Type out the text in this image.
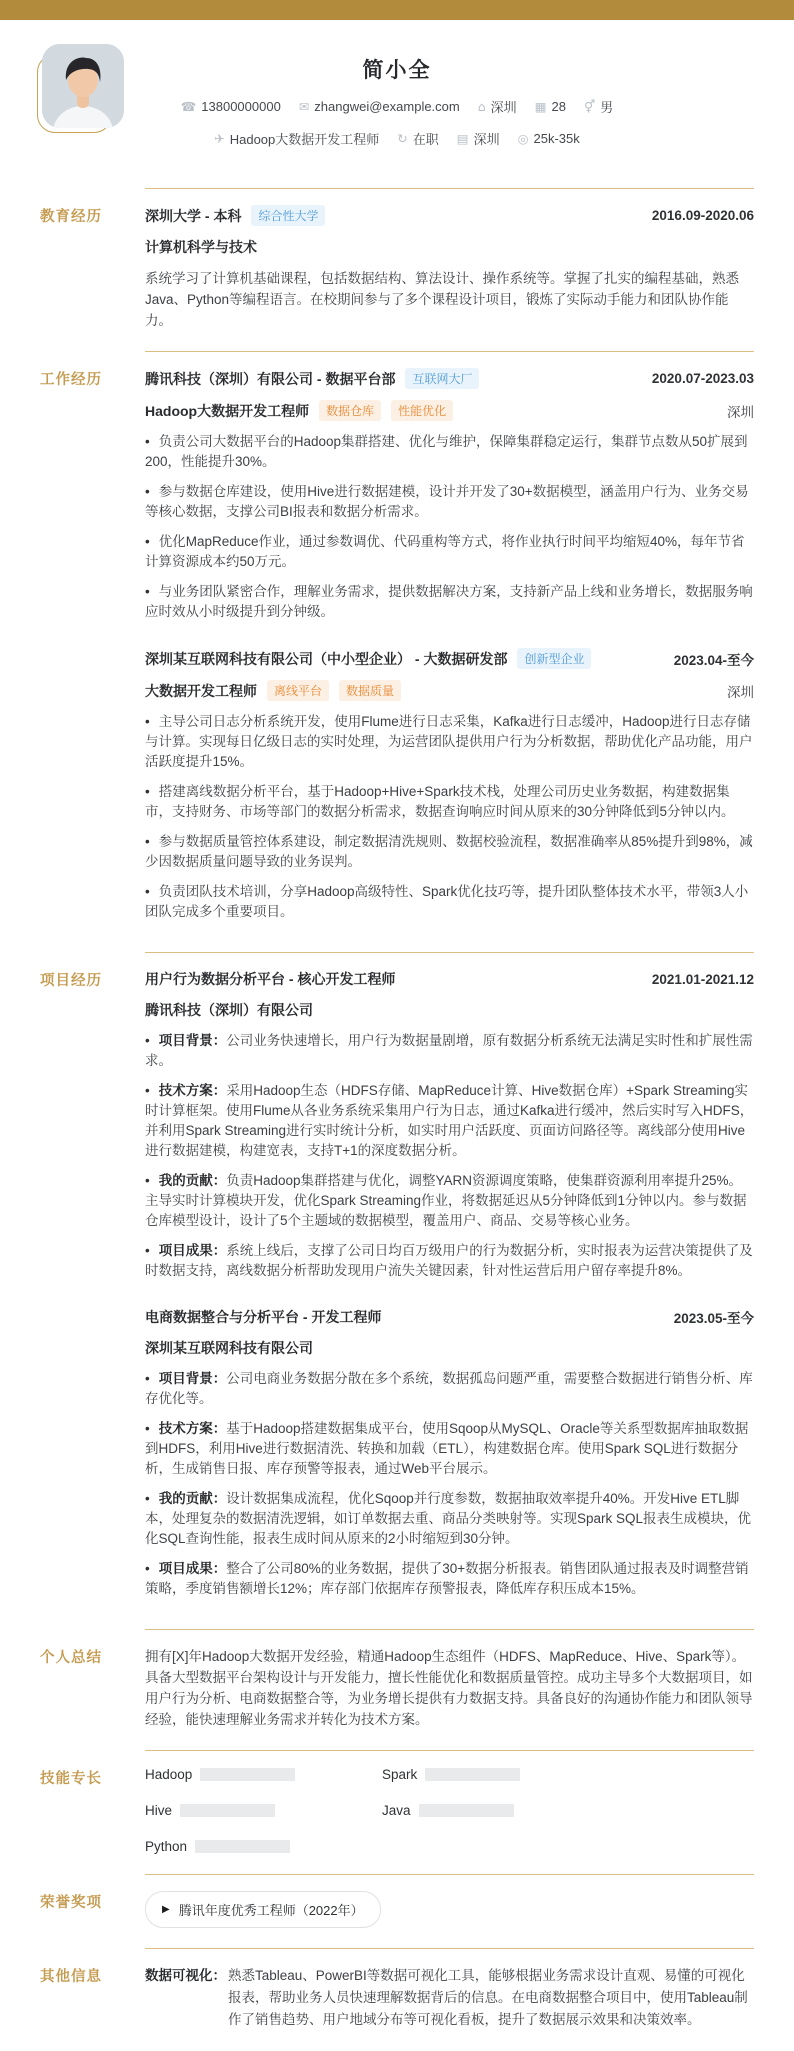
简小全
☎ 13800000000 ✉ zhangwei@example.com ⌂ 深圳 ▦ 28 ⚥ 男
✈ Hadoop大数据开发工程师 ↻ 在职 ▤ 深圳 ◎ 25k-35k
教育经历	深圳大学 - 本科	综合性大学	2016.09-2020.06
计算机科学与技术

系统学习了计算机基础课程，包括数据结构、算法设计、操作系统等。掌握了扎实的编程基础，熟悉Java、Python等编程语言。在校期间参与了多个课程设计项目，锻炼了实际动手能力和团队协作能力。

工作经历	腾讯科技（深圳）有限公司 - 数据平台部	互联网大厂	2020.07-2023.03
Hadoop大数据开发工程师	数据仓库	性能优化	深圳

• 负责公司大数据平台的Hadoop集群搭建、优化与维护，保障集群稳定运行，集群节点数从50扩展到200，性能提升30%。

• 参与数据仓库建设，使用Hive进行数据建模，设计并开发了30+数据模型，涵盖用户行为、业务交易等核心数据，支撑公司BI报表和数据分析需求。

• 优化MapReduce作业，通过参数调优、代码重构等方式，将作业执行时间平均缩短40%，每年节省计算资源成本约50万元。

• 与业务团队紧密合作，理解业务需求，提供数据解决方案，支持新产品上线和业务增长，数据服务响应时效从小时级提升到分钟级。

深圳某互联网科技有限公司（中小型企业） - 大数据研发部	创新型企业	2023.04-至今
大数据开发工程师	离线平台	数据质量	深圳

• 主导公司日志分析系统开发，使用Flume进行日志采集，Kafka进行日志缓冲，Hadoop进行日志存储与计算。实现每日亿级日志的实时处理，为运营团队提供用户行为分析数据，帮助优化产品功能，用户活跃度提升15%。

• 搭建离线数据分析平台，基于Hadoop+Hive+Spark技术栈，处理公司历史业务数据，构建数据集市，支持财务、市场等部门的数据分析需求，数据查询响应时间从原来的30分钟降低到5分钟以内。

• 参与数据质量管控体系建设，制定数据清洗规则、数据校验流程，数据准确率从85%提升到98%，减少因数据质量问题导致的业务误判。

• 负责团队技术培训，分享Hadoop高级特性、Spark优化技巧等，提升团队整体技术水平，带领3人小团队完成多个重要项目。

项目经历	用户行为数据分析平台 - 核心开发工程师	2021.01-2021.12
腾讯科技（深圳）有限公司

• 项目背景：公司业务快速增长，用户行为数据量剧增，原有数据分析系统无法满足实时性和扩展性需求。

• 技术方案：采用Hadoop生态（HDFS存储、MapReduce计算、Hive数据仓库）+Spark Streaming实时计算框架。使用Flume从各业务系统采集用户行为日志，通过Kafka进行缓冲，然后实时写入HDFS，并利用Spark Streaming进行实时统计分析，如实时用户活跃度、页面访问路径等。离线部分使用Hive进行数据建模，构建宽表，支持T+1的深度数据分析。

• 我的贡献：负责Hadoop集群搭建与优化，调整YARN资源调度策略，使集群资源利用率提升25%。主导实时计算模块开发，优化Spark Streaming作业，将数据延迟从5分钟降低到1分钟以内。参与数据仓库模型设计，设计了5个主题域的数据模型，覆盖用户、商品、交易等核心业务。

• 项目成果：系统上线后，支撑了公司日均百万级用户的行为数据分析，实时报表为运营决策提供了及时数据支持，离线数据分析帮助发现用户流失关键因素，针对性运营后用户留存率提升8%。

电商数据整合与分析平台 - 开发工程师	2023.05-至今
深圳某互联网科技有限公司

• 项目背景：公司电商业务数据分散在多个系统，数据孤岛问题严重，需要整合数据进行销售分析、库存优化等。

• 技术方案：基于Hadoop搭建数据集成平台，使用Sqoop从MySQL、Oracle等关系型数据库抽取数据到HDFS，利用Hive进行数据清洗、转换和加载（ETL），构建数据仓库。使用Spark SQL进行数据分析，生成销售日报、库存预警等报表，通过Web平台展示。

• 我的贡献：设计数据集成流程，优化Sqoop并行度参数，数据抽取效率提升40%。开发Hive ETL脚本，处理复杂的数据清洗逻辑，如订单数据去重、商品分类映射等。实现Spark SQL报表生成模块，优化SQL查询性能，报表生成时间从原来的2小时缩短到30分钟。

• 项目成果：整合了公司80%的业务数据，提供了30+数据分析报表。销售团队通过报表及时调整营销策略，季度销售额增长12%；库存部门依据库存预警报表，降低库存积压成本15%。

个人总结	拥有[X]年Hadoop大数据开发经验，精通Hadoop生态组件（HDFS、MapReduce、Hive、Spark等）。具备大型数据平台架构设计与开发能力，擅长性能优化和数据质量管控。成功主导多个大数据项目，如用户行为分析、电商数据整合等，为业务增长提供有力数据支持。具备良好的沟通协作能力和团队领导经验，能快速理解业务需求并转化为技术方案。

技能专长	Hadoop	Spark
Hive	Java
Python
荣誉奖项	▶ 腾讯年度优秀工程师（2022年）
其他信息	数据可视化： 熟悉Tableau、PowerBI等数据可视化工具，能够根据业务需求设计直观、易懂的可视化报表，帮助业务人员快速理解数据背后的信息。在电商数据整合项目中，使用Tableau制作了销售趋势、用户地域分布等可视化看板，提升了数据展示效果和决策效率。
